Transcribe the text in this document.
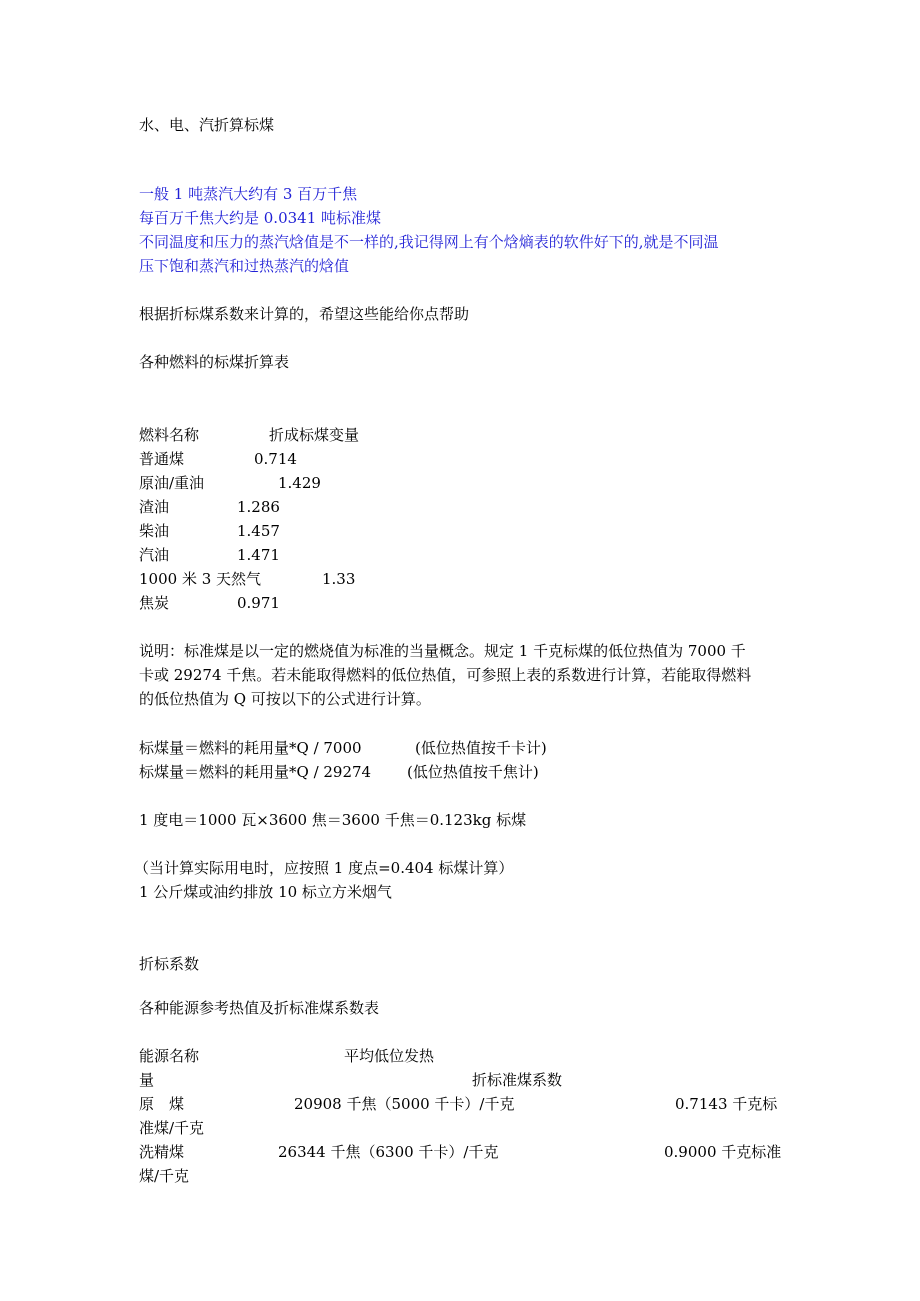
水、电、汽折算标煤
一般 1 吨蒸汽大约有 3 百万千焦
每百万千焦大约是 0.0341 吨标准煤
不同温度和压力的蒸汽焓值是不一样的,我记得网上有个焓熵表的软件好下的,就是不同温
压下饱和蒸汽和过热蒸汽的焓值
根据折标煤系数来计算的，希望这些能给你点帮助
各种燃料的标煤折算表
燃料名称	折成标煤变量
普通煤	0.714
原油/重油	1.429
渣油	1.286
柴油	1.457
汽油	1.471
1000 米 3 天然气	1.33
焦炭	0.971
说明：标准煤是以一定的燃烧值为标准的当量概念。规定 1 千克标煤的低位热值为 7000 千
卡或 29274 千焦。若未能取得燃料的低位热值，可参照上表的系数进行计算，若能取得燃料
的低位热值为 Q 可按以下的公式进行计算。
标煤量＝燃料的耗用量*Q / 7000	(低位热值按千卡计)
标煤量＝燃料的耗用量*Q / 29274 (低位热值按千焦计)
1 度电＝1000 瓦×3600 焦＝3600 千焦＝0.123kg 标煤
（当计算实际用电时，应按照 1 度点=0.404 标煤计算）
1 公斤煤或油约排放 10 标立方米烟气
折标系数
各种能源参考热值及折标准煤系数表
能源名称	平均低位发热
量	折标准煤系数
原　煤	20908 千焦（5000 千卡）/千克	0.7143 千克标
准煤/千克
洗精煤	26344 千焦（6300 千卡）/千克	0.9000 千克标准
煤/千克
